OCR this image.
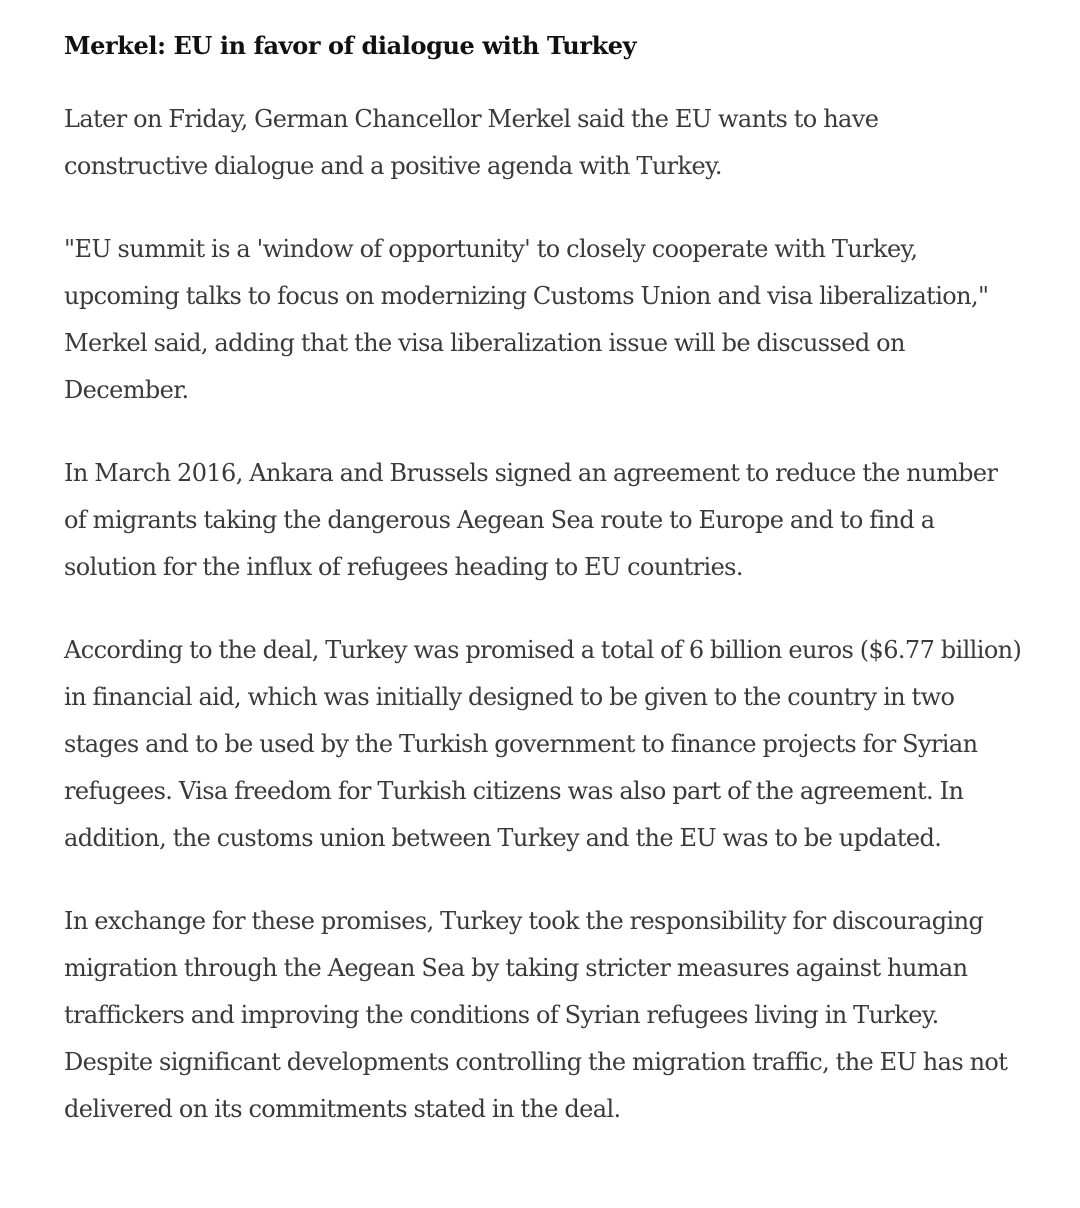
Merkel: EU in favor of dialogue with Turkey

Later on Friday, German Chancellor Merkel said the EU wants to have constructive dialogue and a positive agenda with Turkey.

"EU summit is a 'window of opportunity' to closely cooperate with Turkey, upcoming talks to focus on modernizing Customs Union and visa liberalization," Merkel said, adding that the visa liberalization issue will be discussed on December.

In March 2016, Ankara and Brussels signed an agreement to reduce the number of migrants taking the dangerous Aegean Sea route to Europe and to find a solution for the influx of refugees heading to EU countries.

According to the deal, Turkey was promised a total of 6 billion euros ($6.77 billion) in financial aid, which was initially designed to be given to the country in two stages and to be used by the Turkish government to finance projects for Syrian refugees. Visa freedom for Turkish citizens was also part of the agreement. In addition, the customs union between Turkey and the EU was to be updated.

In exchange for these promises, Turkey took the responsibility for discouraging migration through the Aegean Sea by taking stricter measures against human traffickers and improving the conditions of Syrian refugees living in Turkey. Despite significant developments controlling the migration traffic, the EU has not delivered on its commitments stated in the deal.
